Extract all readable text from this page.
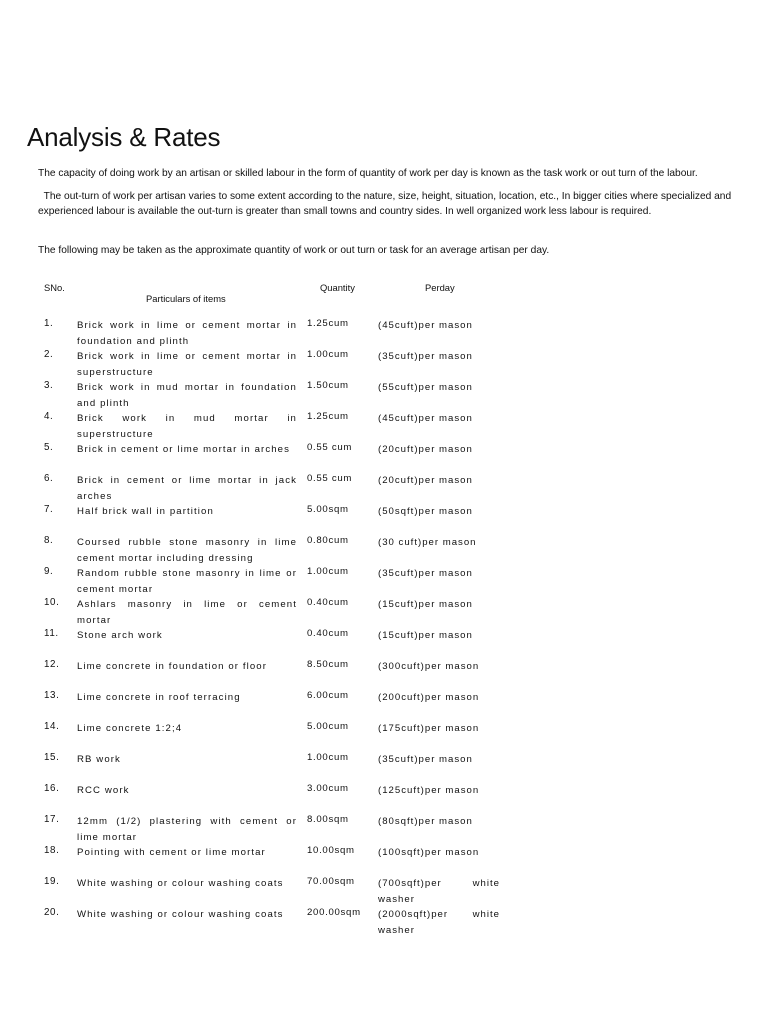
Analysis & Rates

The capacity of doing work by an artisan or skilled labour in the form of quantity of work per day is known as the task work or out turn of the labour.

The out-turn of work per artisan varies to some extent according to the nature, size, height, situation, location, etc., In bigger cities where specialized and experienced labour is available the out-turn is greater than small towns and country sides. In well organized work less labour is required.

The following may be taken as the approximate quantity of work or out turn or task for an average artisan per day.

SNo.
Particulars of items
Quantity	Perday
1. Brick work in lime or cement mortar in foundation and plinth
1.25cum	(45cuft)per mason
2. Brick work in lime or cement mortar in superstructure
1.00cum	(35cuft)per mason
3. Brick work in mud mortar in foundation and plinth
1.50cum	(55cuft)per mason
4. Brick work in mud mortar in superstructure
1.25cum	(45cuft)per mason
5. Brick in cement or lime mortar in arches	0.55 cum	(20cuft)per mason
6. Brick in cement or lime mortar in jack arches
0.55 cum	(20cuft)per mason
7. Half brick wall in partition	5.00sqm	(50sqft)per mason
8. Coursed rubble stone masonry in lime cement mortar including dressing
0.80cum	(30 cuft)per mason
9. Random rubble stone masonry in lime or cement mortar
1.00cum	(35cuft)per mason
10. Ashlars masonry in lime or cement mortar
0.40cum	(15cuft)per mason
11. Stone arch work	0.40cum	(15cuft)per mason
12. Lime concrete in foundation or floor	8.50cum	(300cuft)per mason
13. Lime concrete in roof terracing	6.00cum	(200cuft)per mason
14. Lime concrete 1:2;4	5.00cum	(175cuft)per mason
15. RB work	1.00cum	(35cuft)per mason
16. RCC work	3.00cum	(125cuft)per mason
17. 12mm (1/2) plastering with cement or lime mortar
8.00sqm	(80sqft)per mason
18. Pointing with cement or lime mortar	10.00sqm (100sqft)per mason
19. White washing or colour washing coats	70.00sqm (700sqft)per white washer
20. White washing or colour washing coats	200.00sqm (2000sqft)per white washer
